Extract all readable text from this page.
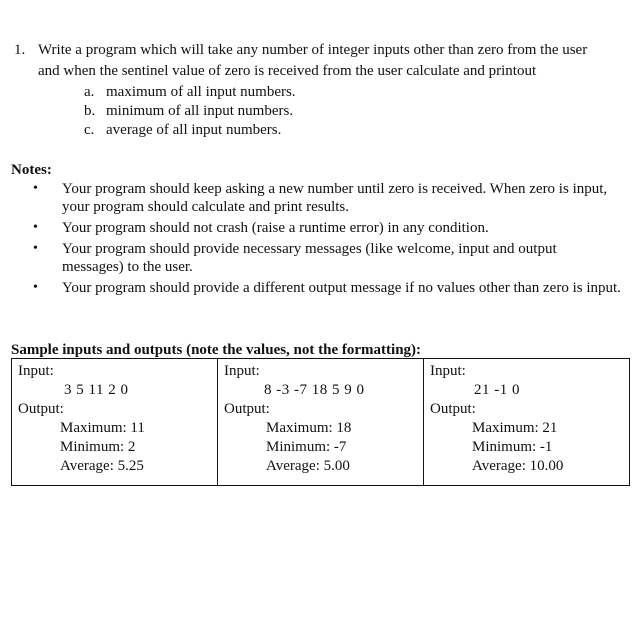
1. Write a program which will take any number of integer inputs other than zero from the user
and when the sentinel value of zero is received from the user calculate and printout
a. maximum of all input numbers.
b. minimum of all input numbers.
c. average of all input numbers.
Notes:
•	Your program should keep asking a new number until zero is received. When zero is input, your program should calculate and print results.
•	Your program should not crash (raise a runtime error) in any condition.
•	Your program should provide necessary messages (like welcome, input and output messages) to the user.
•	Your program should provide a different output message if no values other than zero is input.
Sample inputs and outputs (note the values, not the formatting):
Input:
3 5 11 2 0
Output:
Maximum: 11
Minimum: 2
Average: 5.25
Input:
8 -3 -7 18 5 9 0
Output:
Maximum: 18
Minimum: -7
Average: 5.00
Input:
21 -1 0
Output:
Maximum: 21
Minimum: -1
Average: 10.00
